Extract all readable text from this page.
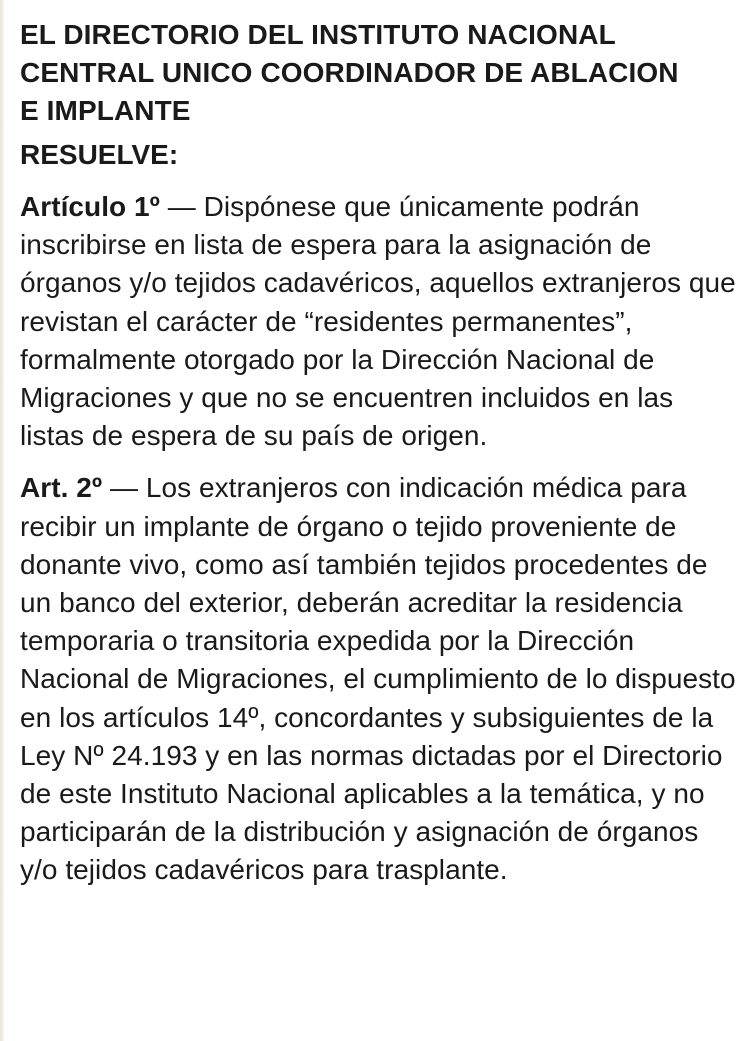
EL DIRECTORIO DEL INSTITUTO NACIONAL
CENTRAL UNICO COORDINADOR DE ABLACION
E IMPLANTE

RESUELVE:

Artículo 1º — Dispónese que únicamente podrán inscribirse en lista de espera para la asignación de órganos y/o tejidos cadavéricos, aquellos extranjeros que revistan el carácter de “residentes permanentes”, formalmente otorgado por la Dirección Nacional de Migraciones y que no se encuentren incluidos en las listas de espera de su país de origen.

Art. 2º — Los extranjeros con indicación médica para recibir un implante de órgano o tejido proveniente de donante vivo, como así también tejidos procedentes de un banco del exterior, deberán acreditar la residencia temporaria o transitoria expedida por la Dirección Nacional de Migraciones, el cumplimiento de lo dispuesto en los artículos 14º, concordantes y subsiguientes de la Ley Nº 24.193 y en las normas dictadas por el Directorio de este Instituto Nacional aplicables a la temática, y no participarán de la distribución y asignación de órganos y/o tejidos cadavéricos para trasplante.
